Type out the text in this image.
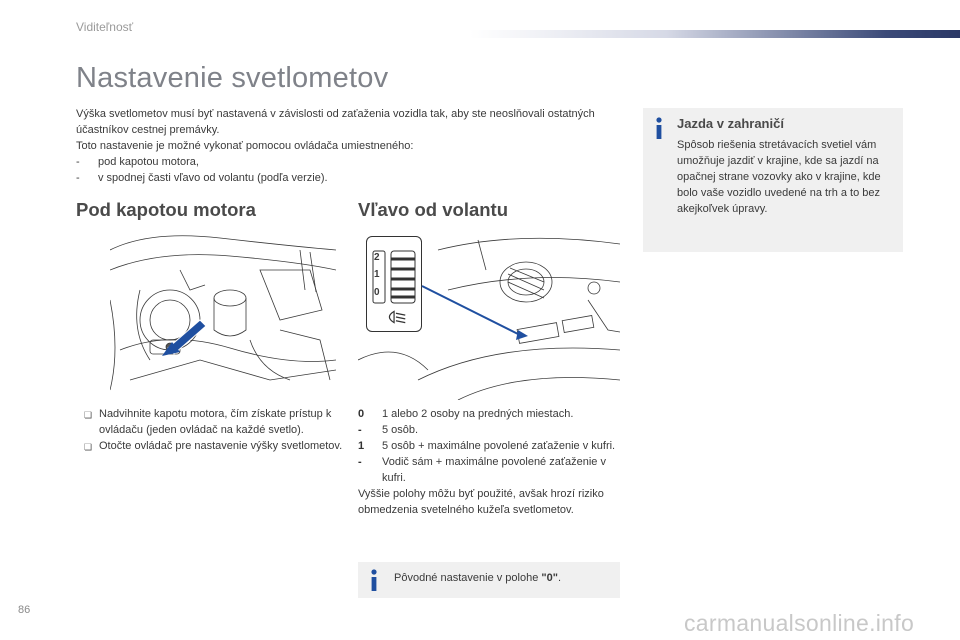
Viditeľnosť
Nastavenie svetlometov
Výška svetlometov musí byť nastavená v závislosti od zaťaženia vozidla tak, aby ste neoslňovali ostatných účastníkov cestnej premávky.
Toto nastavenie je možné vykonať pomocou ovládača umiestneného:
-	pod kapotou motora,
-	v spodnej časti vľavo od volantu (podľa verzie).
Pod kapotou motora	Vľavo od volantu
2
1
0
❏ Nadvihnite kapotu motora, čím získate prístup k ovládaču (jeden ovládač na každé svetlo).
❏ Otočte ovládač pre nastavenie výšky svetlometov.
0	1 alebo 2 osoby na predných miestach.
-	5 osôb.
1	5 osôb + maximálne povolené zaťaženie v kufri.
-	Vodič sám + maximálne povolené zaťaženie v kufri.
Vyššie polohy môžu byť použité, avšak hrozí riziko obmedzenia svetelného kužeľa svetlometov.
Pôvodné nastavenie v polohe "0".
Jazda v zahraničí
Spôsob riešenia stretávacích svetiel vám umožňuje jazdiť v krajine, kde sa jazdí na opačnej strane vozovky ako v krajine, kde bolo vaše vozidlo uvedené na trh a to bez akejkoľvek úpravy.
86	carmanualsonline.info
